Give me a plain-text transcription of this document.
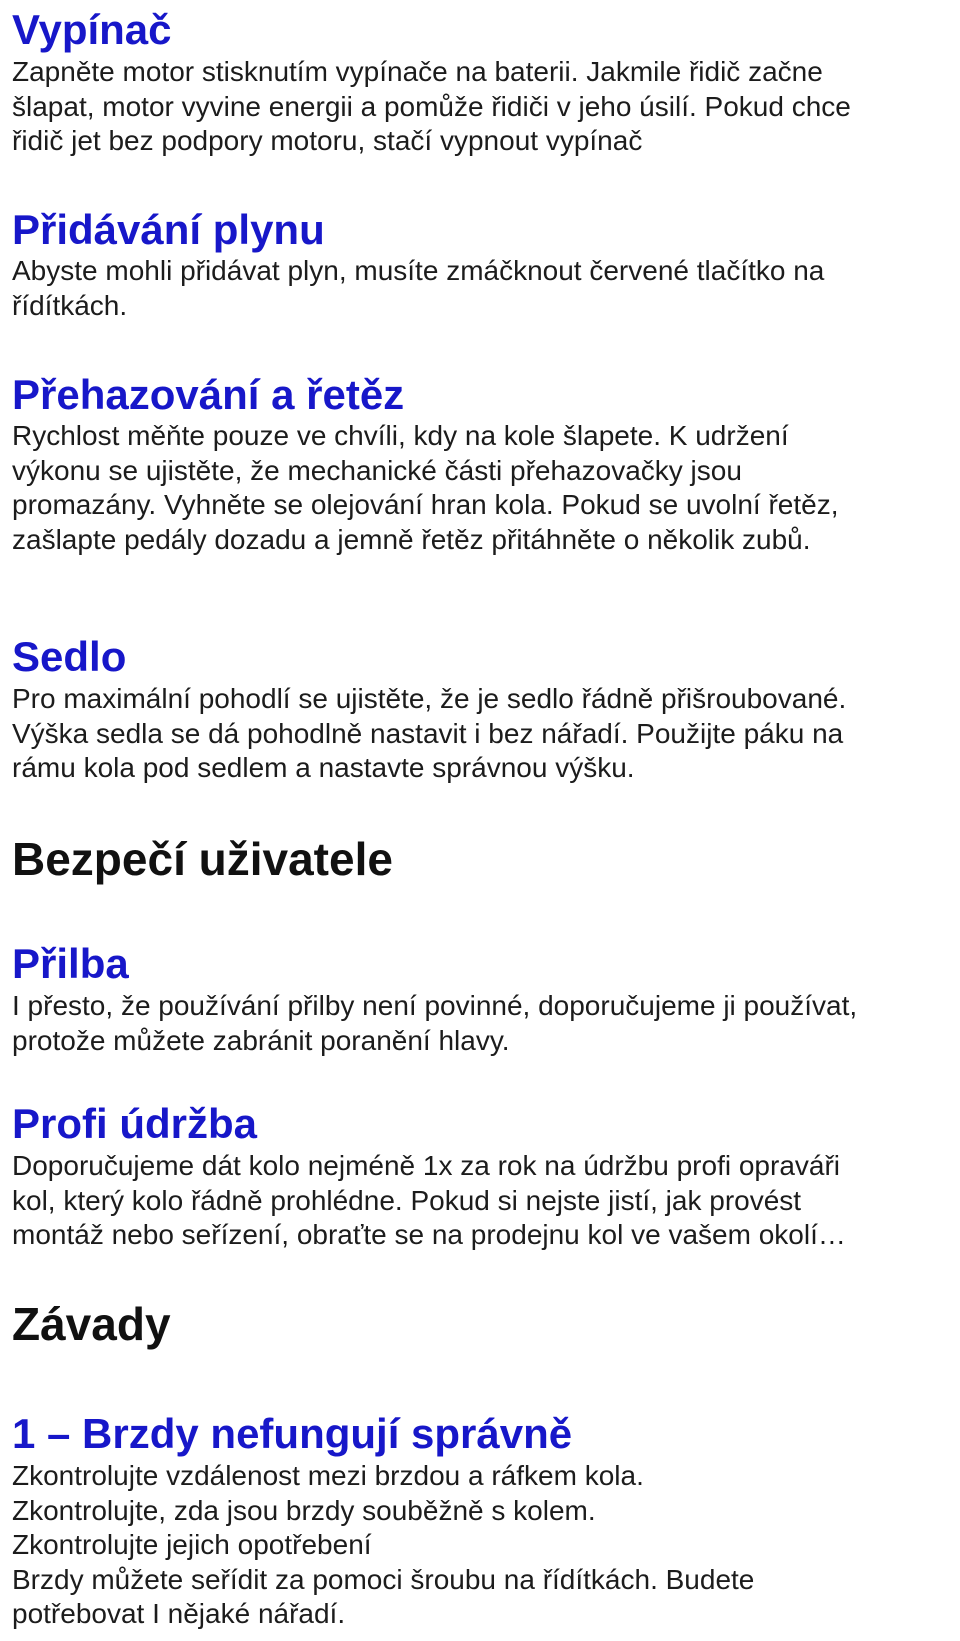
Vypínač

Zapněte motor stisknutím vypínače na baterii. Jakmile řidič začne
šlapat, motor vyvine energii a pomůže řidiči v jeho úsilí. Pokud chce
řidič jet bez podpory motoru, stačí vypnout vypínač

Přidávání plynu

Abyste mohli přidávat plyn, musíte zmáčknout červené tlačítko na
řídítkách.

Přehazování a řetěz

Rychlost měňte pouze ve chvíli, kdy na kole šlapete. K udržení
výkonu se ujistěte, že mechanické části přehazovačky jsou
promazány. Vyhněte se olejování hran kola. Pokud se uvolní řetěz,
zašlapte pedály dozadu a jemně řetěz přitáhněte o několik zubů.

Sedlo

Pro maximální pohodlí se ujistěte, že je sedlo řádně přišroubované.
Výška sedla se dá pohodlně nastavit i bez nářadí. Použijte páku na
rámu kola pod sedlem a nastavte správnou výšku.

Bezpečí uživatele
Přilba

I přesto, že používání přilby není povinné, doporučujeme ji používat,
protože můžete zabránit poranění hlavy.

Profi údržba

Doporučujeme dát kolo nejméně 1x za rok na údržbu profi opraváři
kol, který kolo řádně prohlédne. Pokud si nejste jistí, jak provést
montáž nebo seřízení, obraťte se na prodejnu kol ve vašem okolí…

Závady
1 – Brzdy nefungují správně

Zkontrolujte vzdálenost mezi brzdou a ráfkem kola.
Zkontrolujte, zda jsou brzdy souběžně s kolem.
Zkontrolujte jejich opotřebení
Brzdy můžete seřídit za pomoci šroubu na řídítkách. Budete
potřebovat I nějaké nářadí.
